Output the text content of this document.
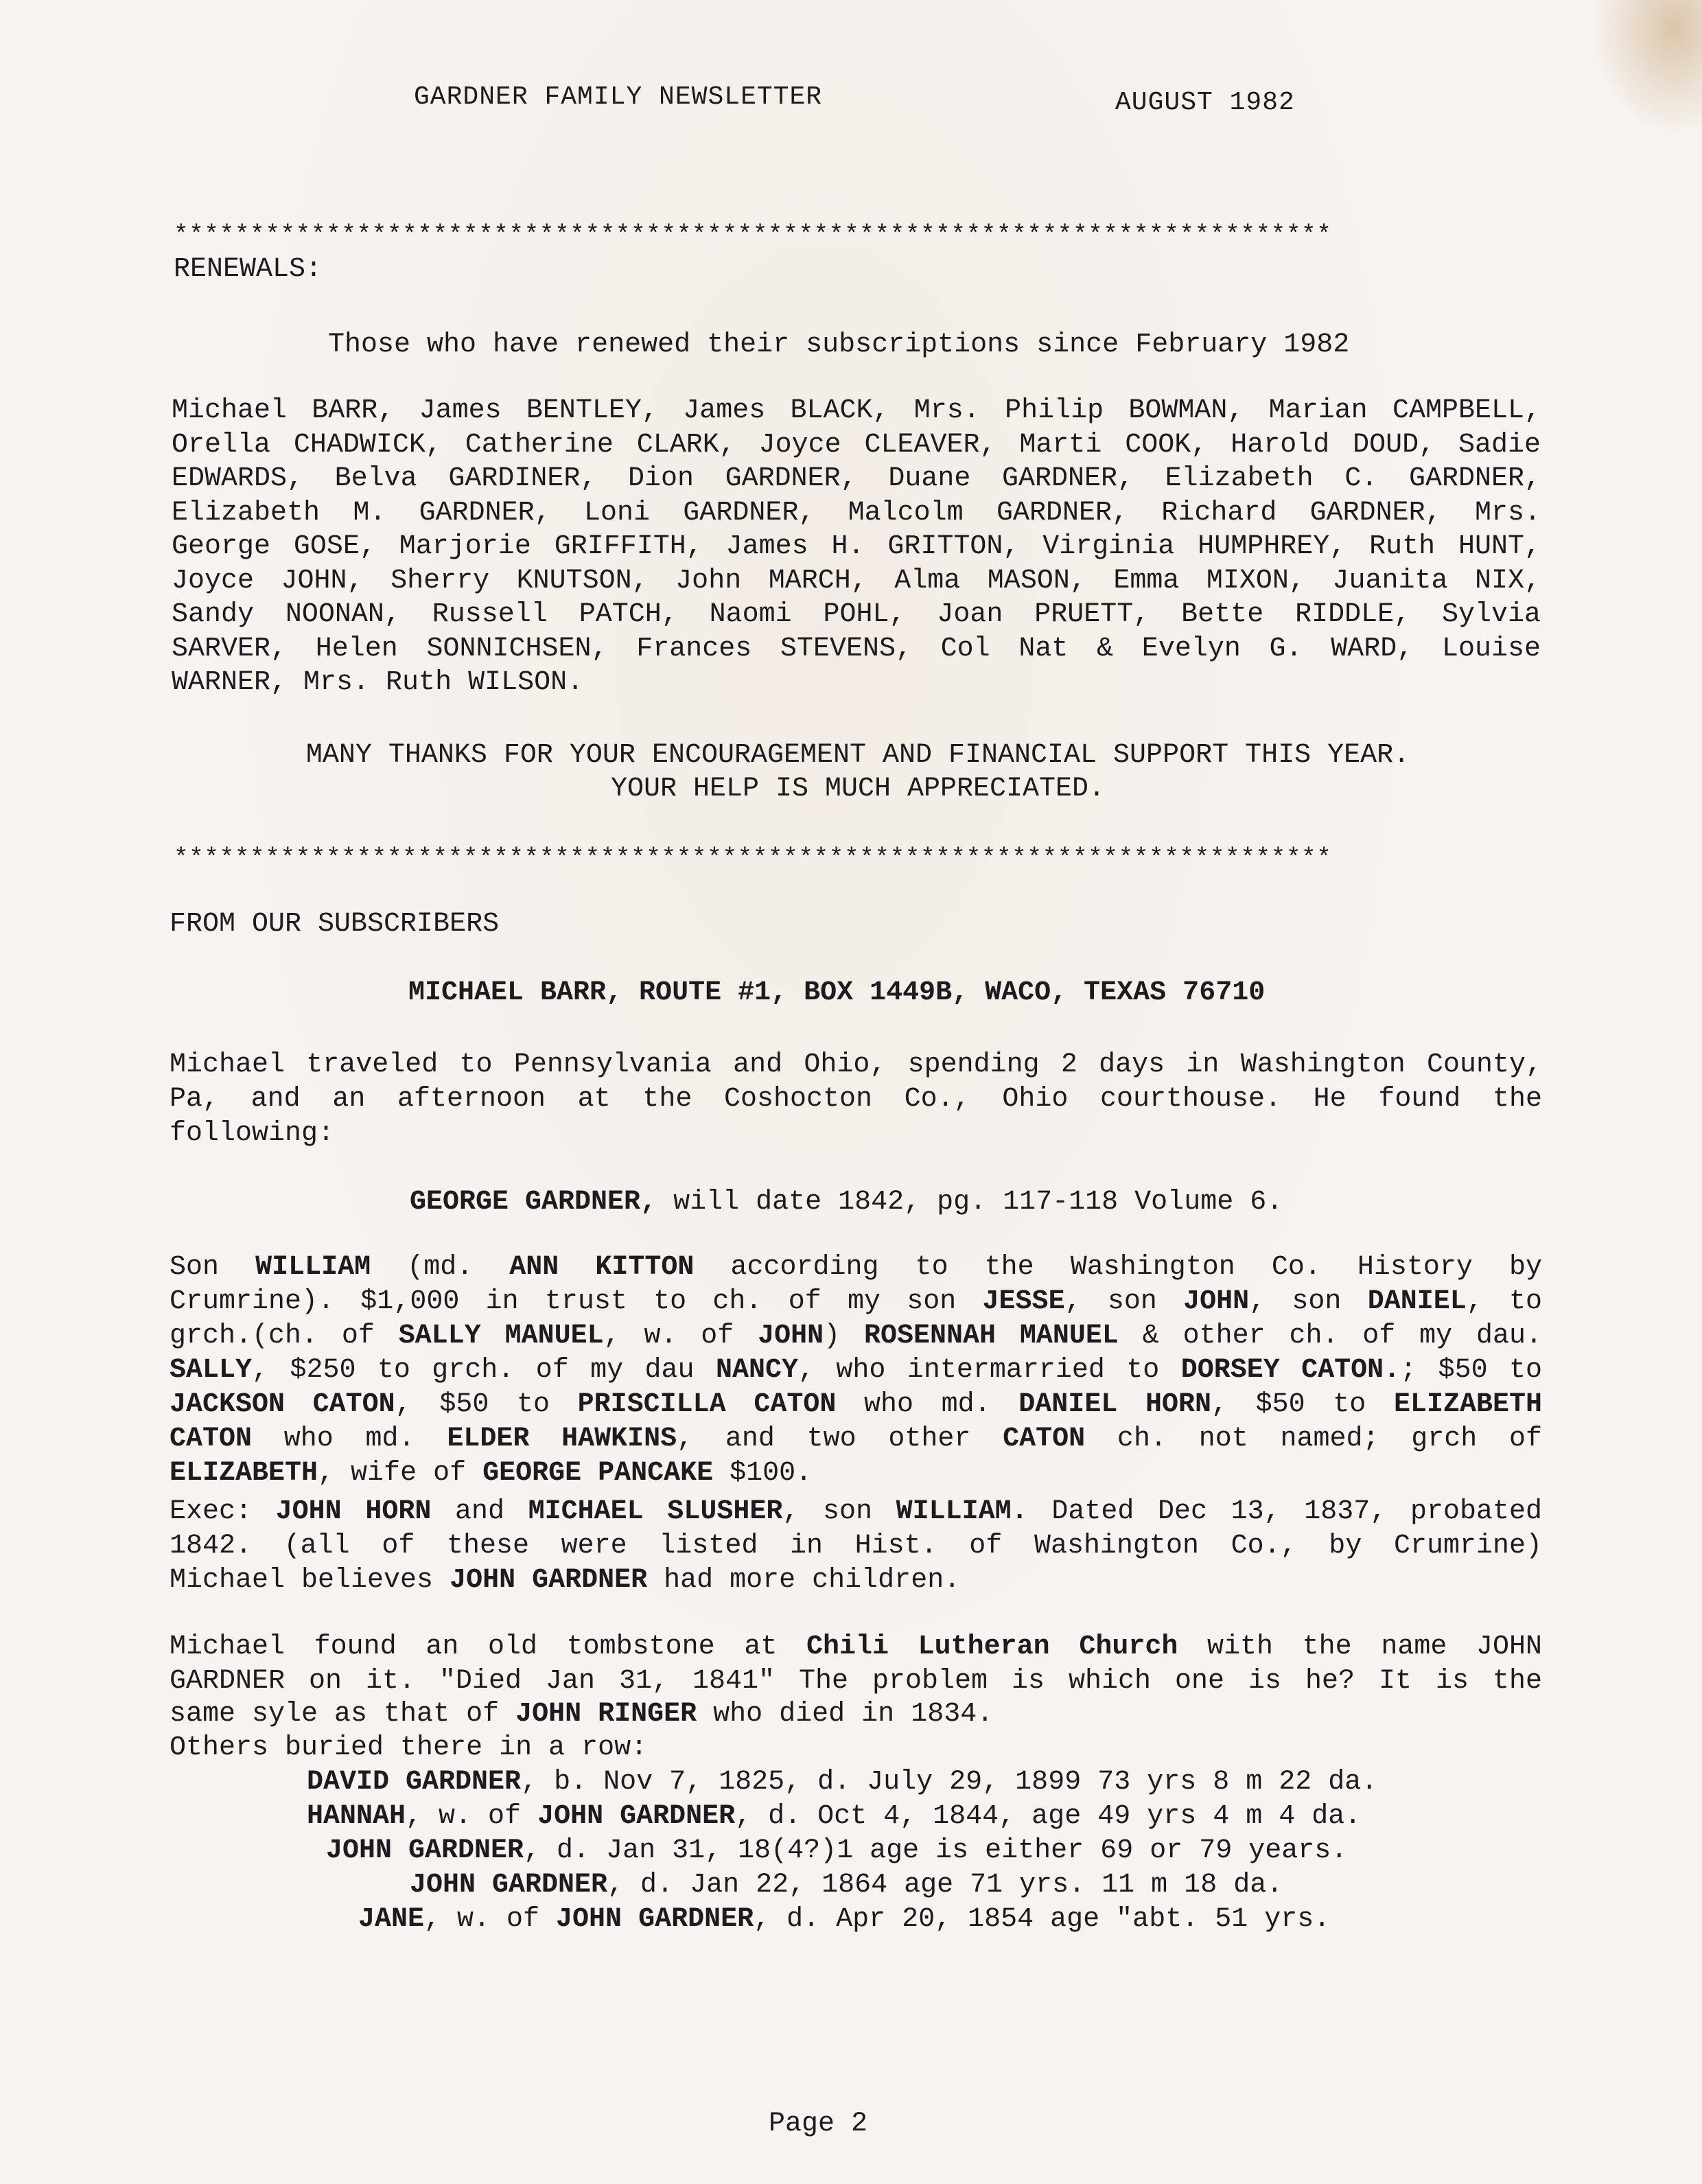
GARDNER FAMILY NEWSLETTER	AUGUST 1982
****************************************************************************
RENEWALS:
Those who have renewed their subscriptions since February 1982
Michael BARR, James BENTLEY, James BLACK, Mrs. Philip BOWMAN, Marian CAMPBELL,
Orella CHADWICK, Catherine CLARK, Joyce CLEAVER, Marti COOK, Harold DOUD, Sadie
EDWARDS, Belva GARDINER, Dion GARDNER, Duane GARDNER, Elizabeth C. GARDNER,
Elizabeth M. GARDNER, Loni GARDNER, Malcolm GARDNER, Richard GARDNER, Mrs.
George GOSE, Marjorie GRIFFITH, James H. GRITTON, Virginia HUMPHREY, Ruth HUNT,
Joyce JOHN, Sherry KNUTSON, John MARCH, Alma MASON, Emma MIXON, Juanita NIX,
Sandy NOONAN, Russell PATCH, Naomi POHL, Joan PRUETT, Bette RIDDLE, Sylvia
SARVER, Helen SONNICHSEN, Frances STEVENS, Col Nat & Evelyn G. WARD, Louise
WARNER, Mrs. Ruth WILSON.
MANY THANKS FOR YOUR ENCOURAGEMENT AND FINANCIAL SUPPORT THIS YEAR.
YOUR HELP IS MUCH APPRECIATED.
****************************************************************************
FROM OUR SUBSCRIBERS
MICHAEL BARR, ROUTE #1, BOX 1449B, WACO, TEXAS 76710
Michael traveled to Pennsylvania and Ohio, spending 2 days in Washington County,
Pa, and an afternoon at the Coshocton Co., Ohio courthouse. He found the
following:
GEORGE GARDNER, will date 1842, pg. 117-118 Volume 6.
Son WILLIAM (md. ANN KITTON according to the Washington Co. History by
Crumrine). $1,000 in trust to ch. of my son JESSE, son JOHN, son DANIEL, to
grch.(ch. of SALLY MANUEL, w. of JOHN) ROSENNAH MANUEL & other ch. of my dau.
SALLY, $250 to grch. of my dau NANCY, who intermarried to DORSEY CATON.; $50 to
JACKSON CATON, $50 to PRISCILLA CATON who md. DANIEL HORN, $50 to ELIZABETH
CATON who md. ELDER HAWKINS, and two other CATON ch. not named; grch of
ELIZABETH, wife of GEORGE PANCAKE $100.
Exec: JOHN HORN and MICHAEL SLUSHER, son WILLIAM. Dated Dec 13, 1837, probated
1842. (all of these were listed in Hist. of Washington Co., by Crumrine)
Michael believes JOHN GARDNER had more children.
Michael found an old tombstone at Chili Lutheran Church with the name JOHN
GARDNER on it. "Died Jan 31, 1841" The problem is which one is he? It is the
same syle as that of JOHN RINGER who died in 1834.
Others buried there in a row:
DAVID GARDNER, b. Nov 7, 1825, d. July 29, 1899 73 yrs 8 m 22 da.
HANNAH, w. of JOHN GARDNER, d. Oct 4, 1844, age 49 yrs 4 m 4 da.
JOHN GARDNER, d. Jan 31, 18(4?)1 age is either 69 or 79 years.
JOHN GARDNER, d. Jan 22, 1864 age 71 yrs. 11 m 18 da.
JANE, w. of JOHN GARDNER, d. Apr 20, 1854 age "abt. 51 yrs.
Page 2
